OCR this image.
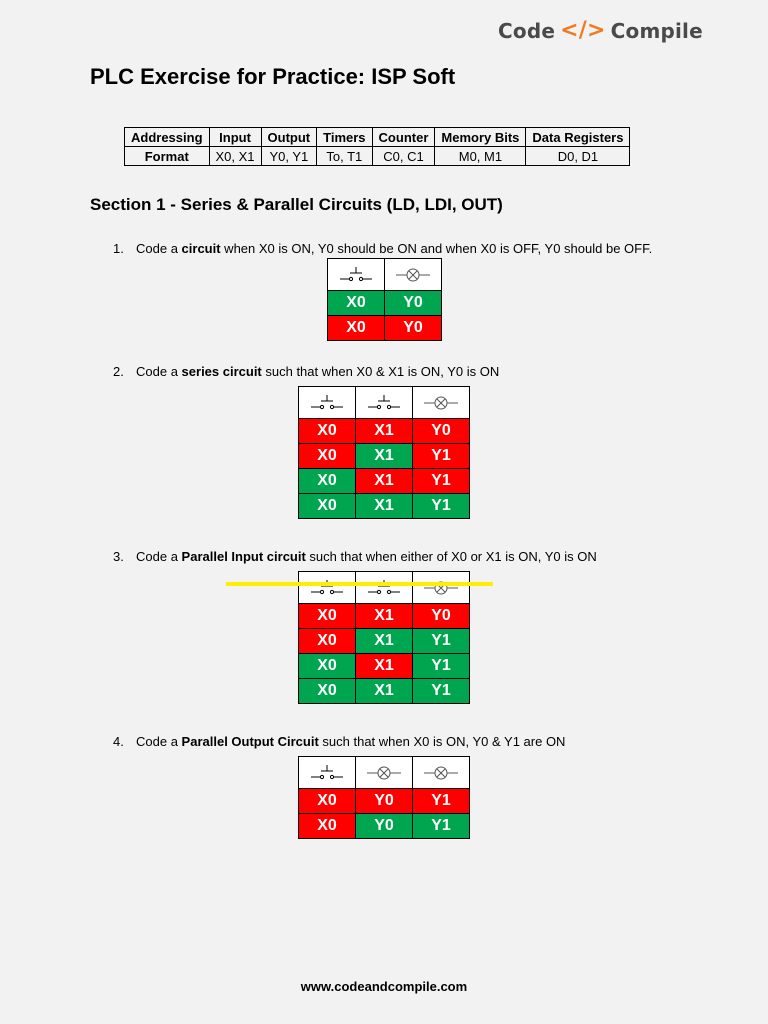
Code </> Compile
PLC Exercise for Practice: ISP Soft
Addressing	Input	Output	Timers	Counter	Memory Bits	Data Registers
Format	X0, X1	Y0, Y1	To, T1	C0, C1	M0, M1	D0, D1
Section 1 - Series & Parallel Circuits (LD, LDI, OUT)
1. Code a circuit when X0 is ON, Y0 should be ON and when X0 is OFF, Y0 should be OFF.

X0	Y0
X0	Y0
2. Code a series circuit such that when X0 & X1 is ON, Y0 is ON

X0	X1	Y0
X0	X1	Y1
X0	X1	Y1
X0	X1	Y1
3. Code a Parallel Input circuit such that when either of X0 or X1 is ON, Y0 is ON

X0	X1	Y0
X0	X1	Y1
X0	X1	Y1
X0	X1	Y1
4. Code a Parallel Output Circuit such that when X0 is ON, Y0 & Y1 are ON

X0	Y0	Y1
X0	Y0	Y1
www.codeandcompile.com
